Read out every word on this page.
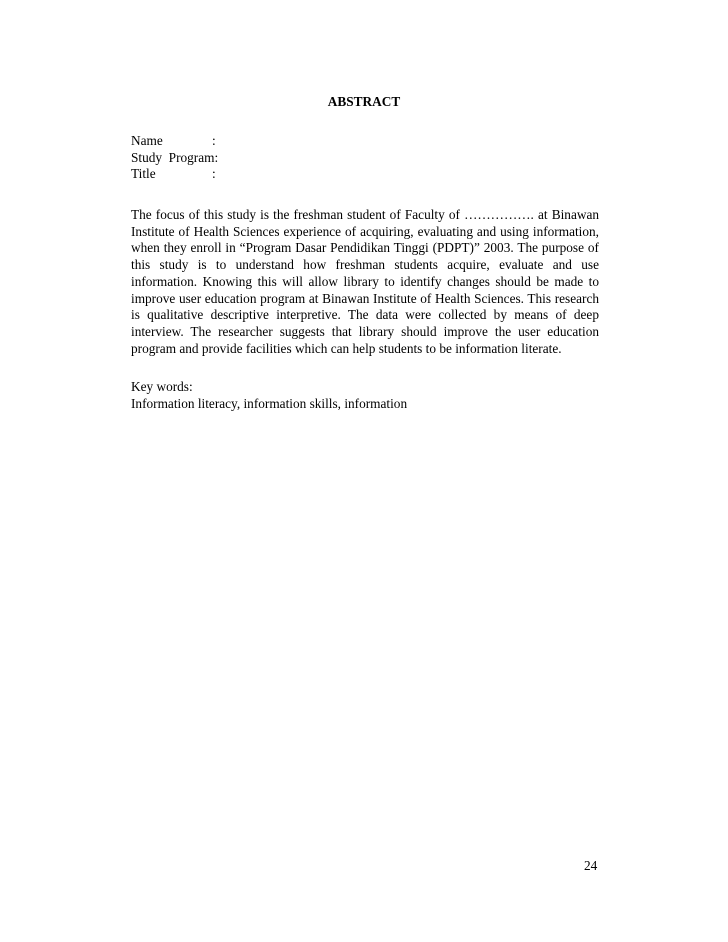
ABSTRACT
Name	:
Study  Program :
Title	:

The focus of this study is the freshman student of Faculty of ……………. at Binawan Institute of Health Sciences experience of acquiring, evaluating and using information, when they enroll in “Program Dasar Pendidikan Tinggi (PDPT)” 2003. The purpose of this study is to understand how freshman students acquire, evaluate and use information. Knowing this will allow library to identify changes should be made to improve user education program at Binawan Institute of Health Sciences. This research is qualitative descriptive interpretive. The data were collected by means of deep interview. The researcher suggests that library should improve the user education program and provide facilities which can help students to be information literate.

Key words:
Information literacy, information skills, information
24
